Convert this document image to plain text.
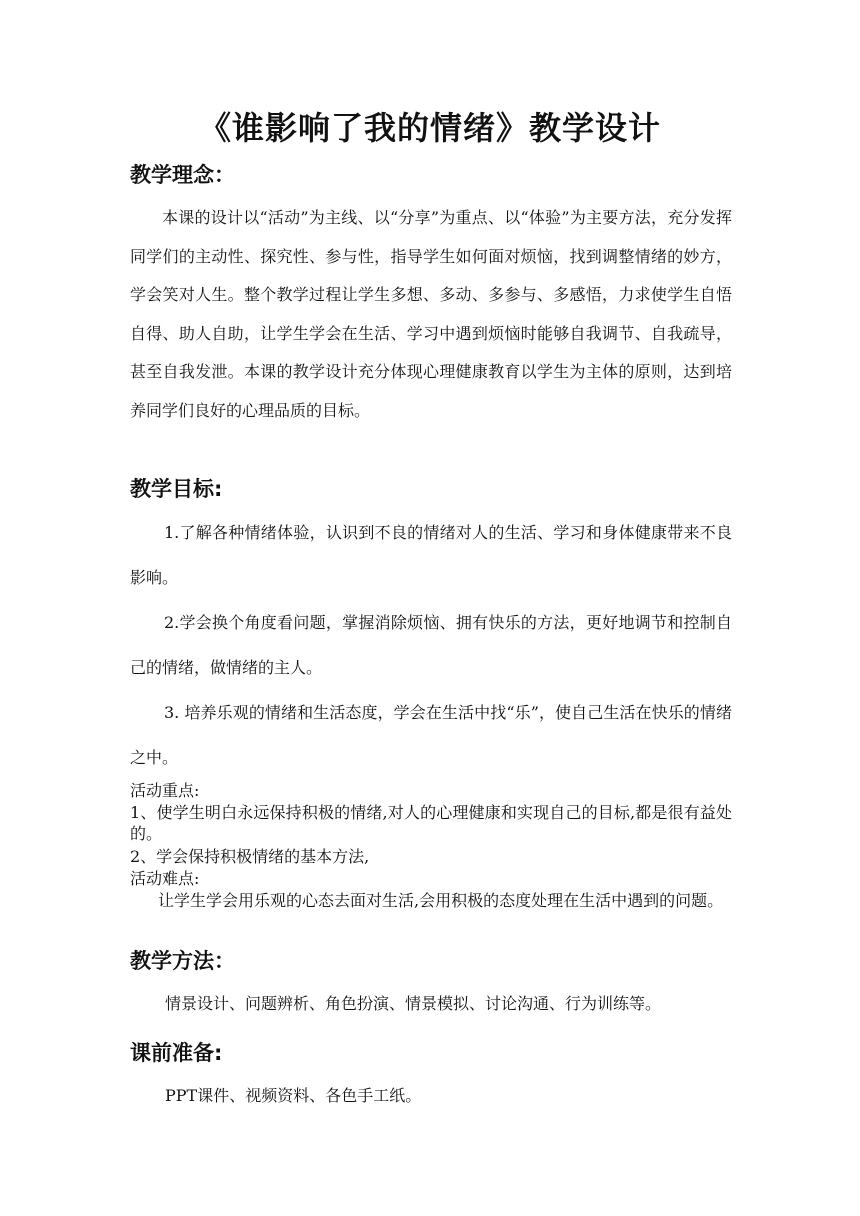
《谁影响了我的情绪》教学设计
教学理念：

本课的设计以“活动”为主线、以“分享”为重点、以“体验”为主要方法，充分发挥同学们的主动性、探究性、参与性，指导学生如何面对烦恼，找到调整情绪的妙方，学会笑对人生。整个教学过程让学生多想、多动、多参与、多感悟，力求使学生自悟自得、助人自助，让学生学会在生活、学习中遇到烦恼时能够自我调节、自我疏导，甚至自我发泄。本课的教学设计充分体现心理健康教育以学生为主体的原则，达到培养同学们良好的心理品质的目标。

教学目标:

1.了解各种情绪体验，认识到不良的情绪对人的生活、学习和身体健康带来不良影响。

2.学会换个角度看问题，掌握消除烦恼、拥有快乐的方法，更好地调节和控制自己的情绪，做情绪的主人。

3. 培养乐观的情绪和生活态度，学会在生活中找“乐”，使自己生活在快乐的情绪之中。

活动重点:

1、使学生明白永远保持积极的情绪,对人的心理健康和实现自己的目标,都是很有益处的。

2、学会保持积极情绪的基本方法,

活动难点:

让学生学会用乐观的心态去面对生活,会用积极的态度处理在生活中遇到的问题。

教学方法：

情景设计、问题辨析、角色扮演、情景模拟、讨论沟通、行为训练等。

课前准备:

PPT课件、视频资料、各色手工纸。
